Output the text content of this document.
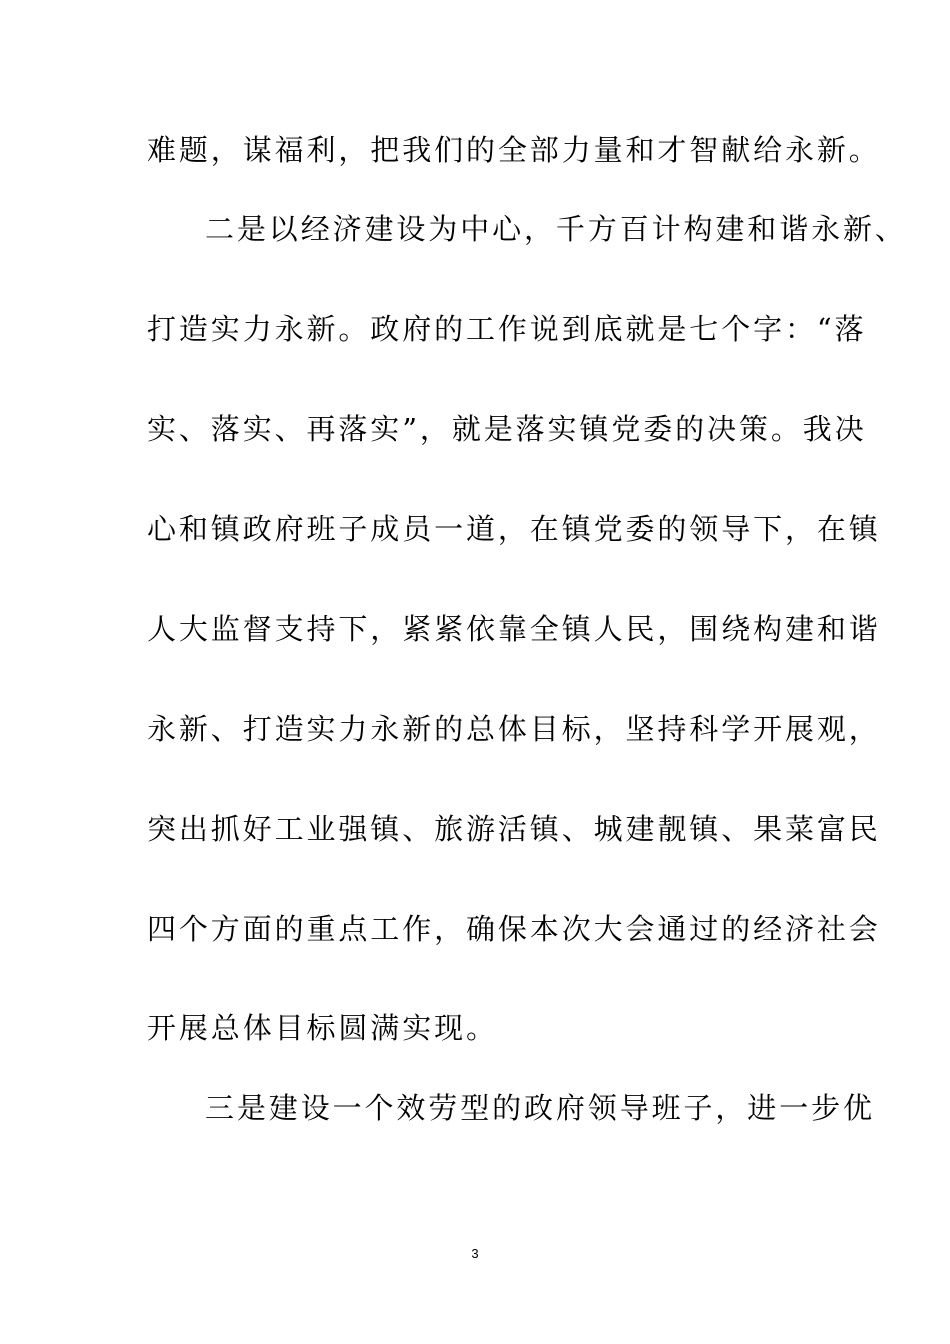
难题，谋福利，把我们的全部力量和才智献给永新。
二是以经济建设为中心，千方百计构建和谐永新、
打造实力永新。政府的工作说到底就是七个字：“落
实、落实、再落实”，就是落实镇党委的决策。我决
心和镇政府班子成员一道，在镇党委的领导下，在镇
人大监督支持下，紧紧依靠全镇人民，围绕构建和谐
永新、打造实力永新的总体目标，坚持科学开展观，
突出抓好工业强镇、旅游活镇、城建靓镇、果菜富民
四个方面的重点工作，确保本次大会通过的经济社会
开展总体目标圆满实现。
三是建设一个效劳型的政府领导班子，进一步优
3
